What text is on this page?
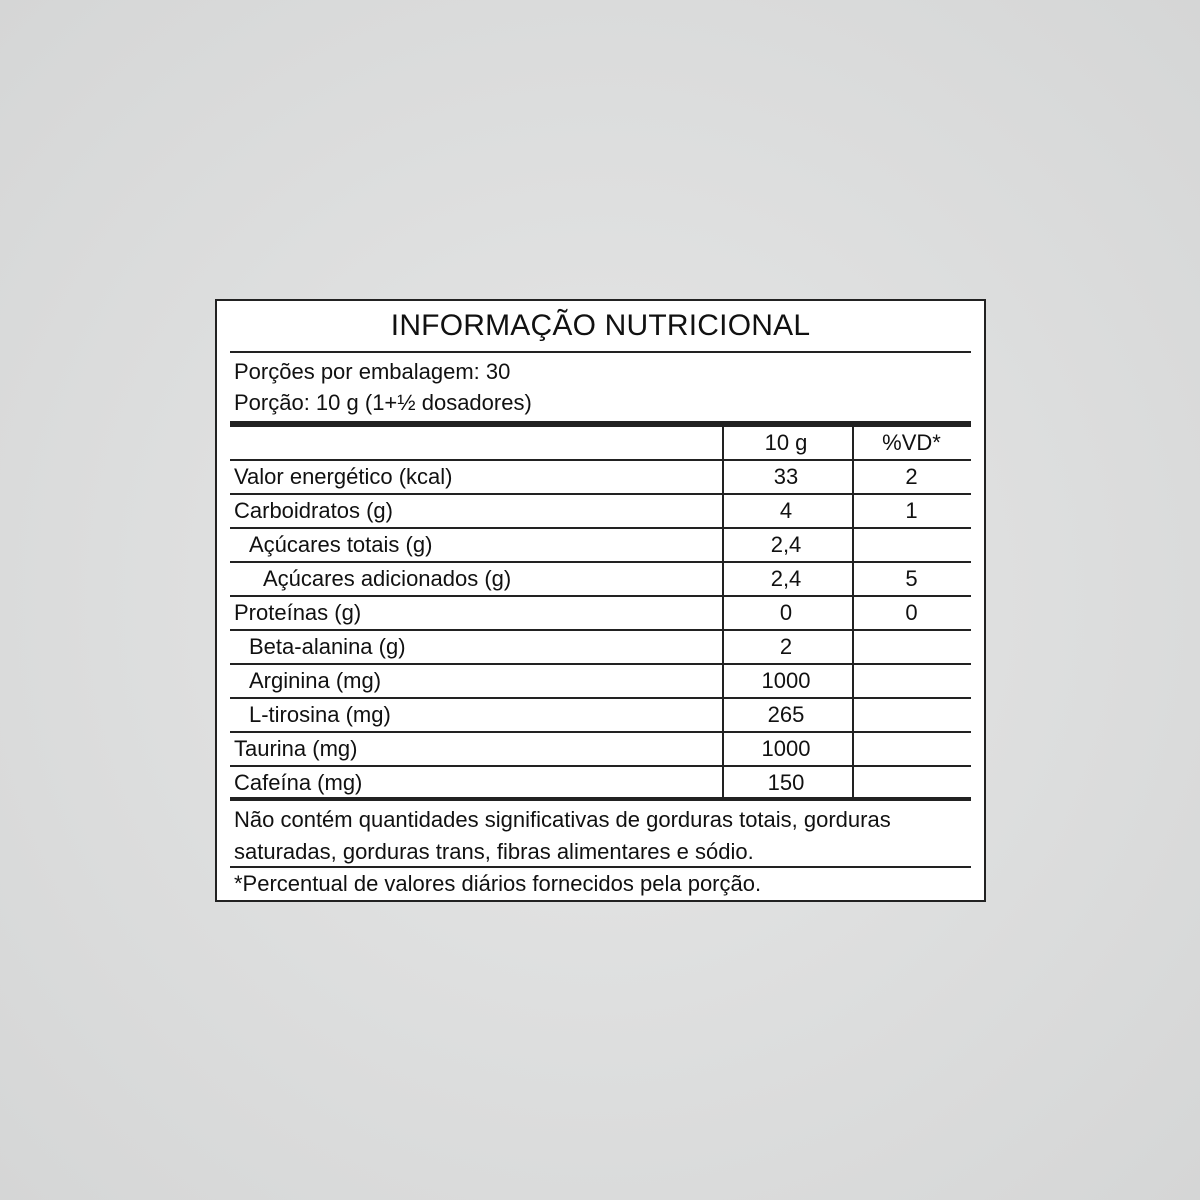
INFORMAÇÃO NUTRICIONAL
Porções por embalagem: 30
Porção: 10 g (1+½ dosadores)
10 g	%VD*
Valor energético (kcal)	33	2
Carboidratos (g)	4	1
Açúcares totais (g)	2,4
Açúcares adicionados (g)	2,4	5
Proteínas (g)	0	0
Beta-alanina (g)	2
Arginina (mg)	1000
L-tirosina (mg)	265
Taurina (mg)	1000
Cafeína (mg)	150
Não contém quantidades significativas de gorduras totais, gorduras
saturadas, gorduras trans, fibras alimentares e sódio.
*Percentual de valores diários fornecidos pela porção.
